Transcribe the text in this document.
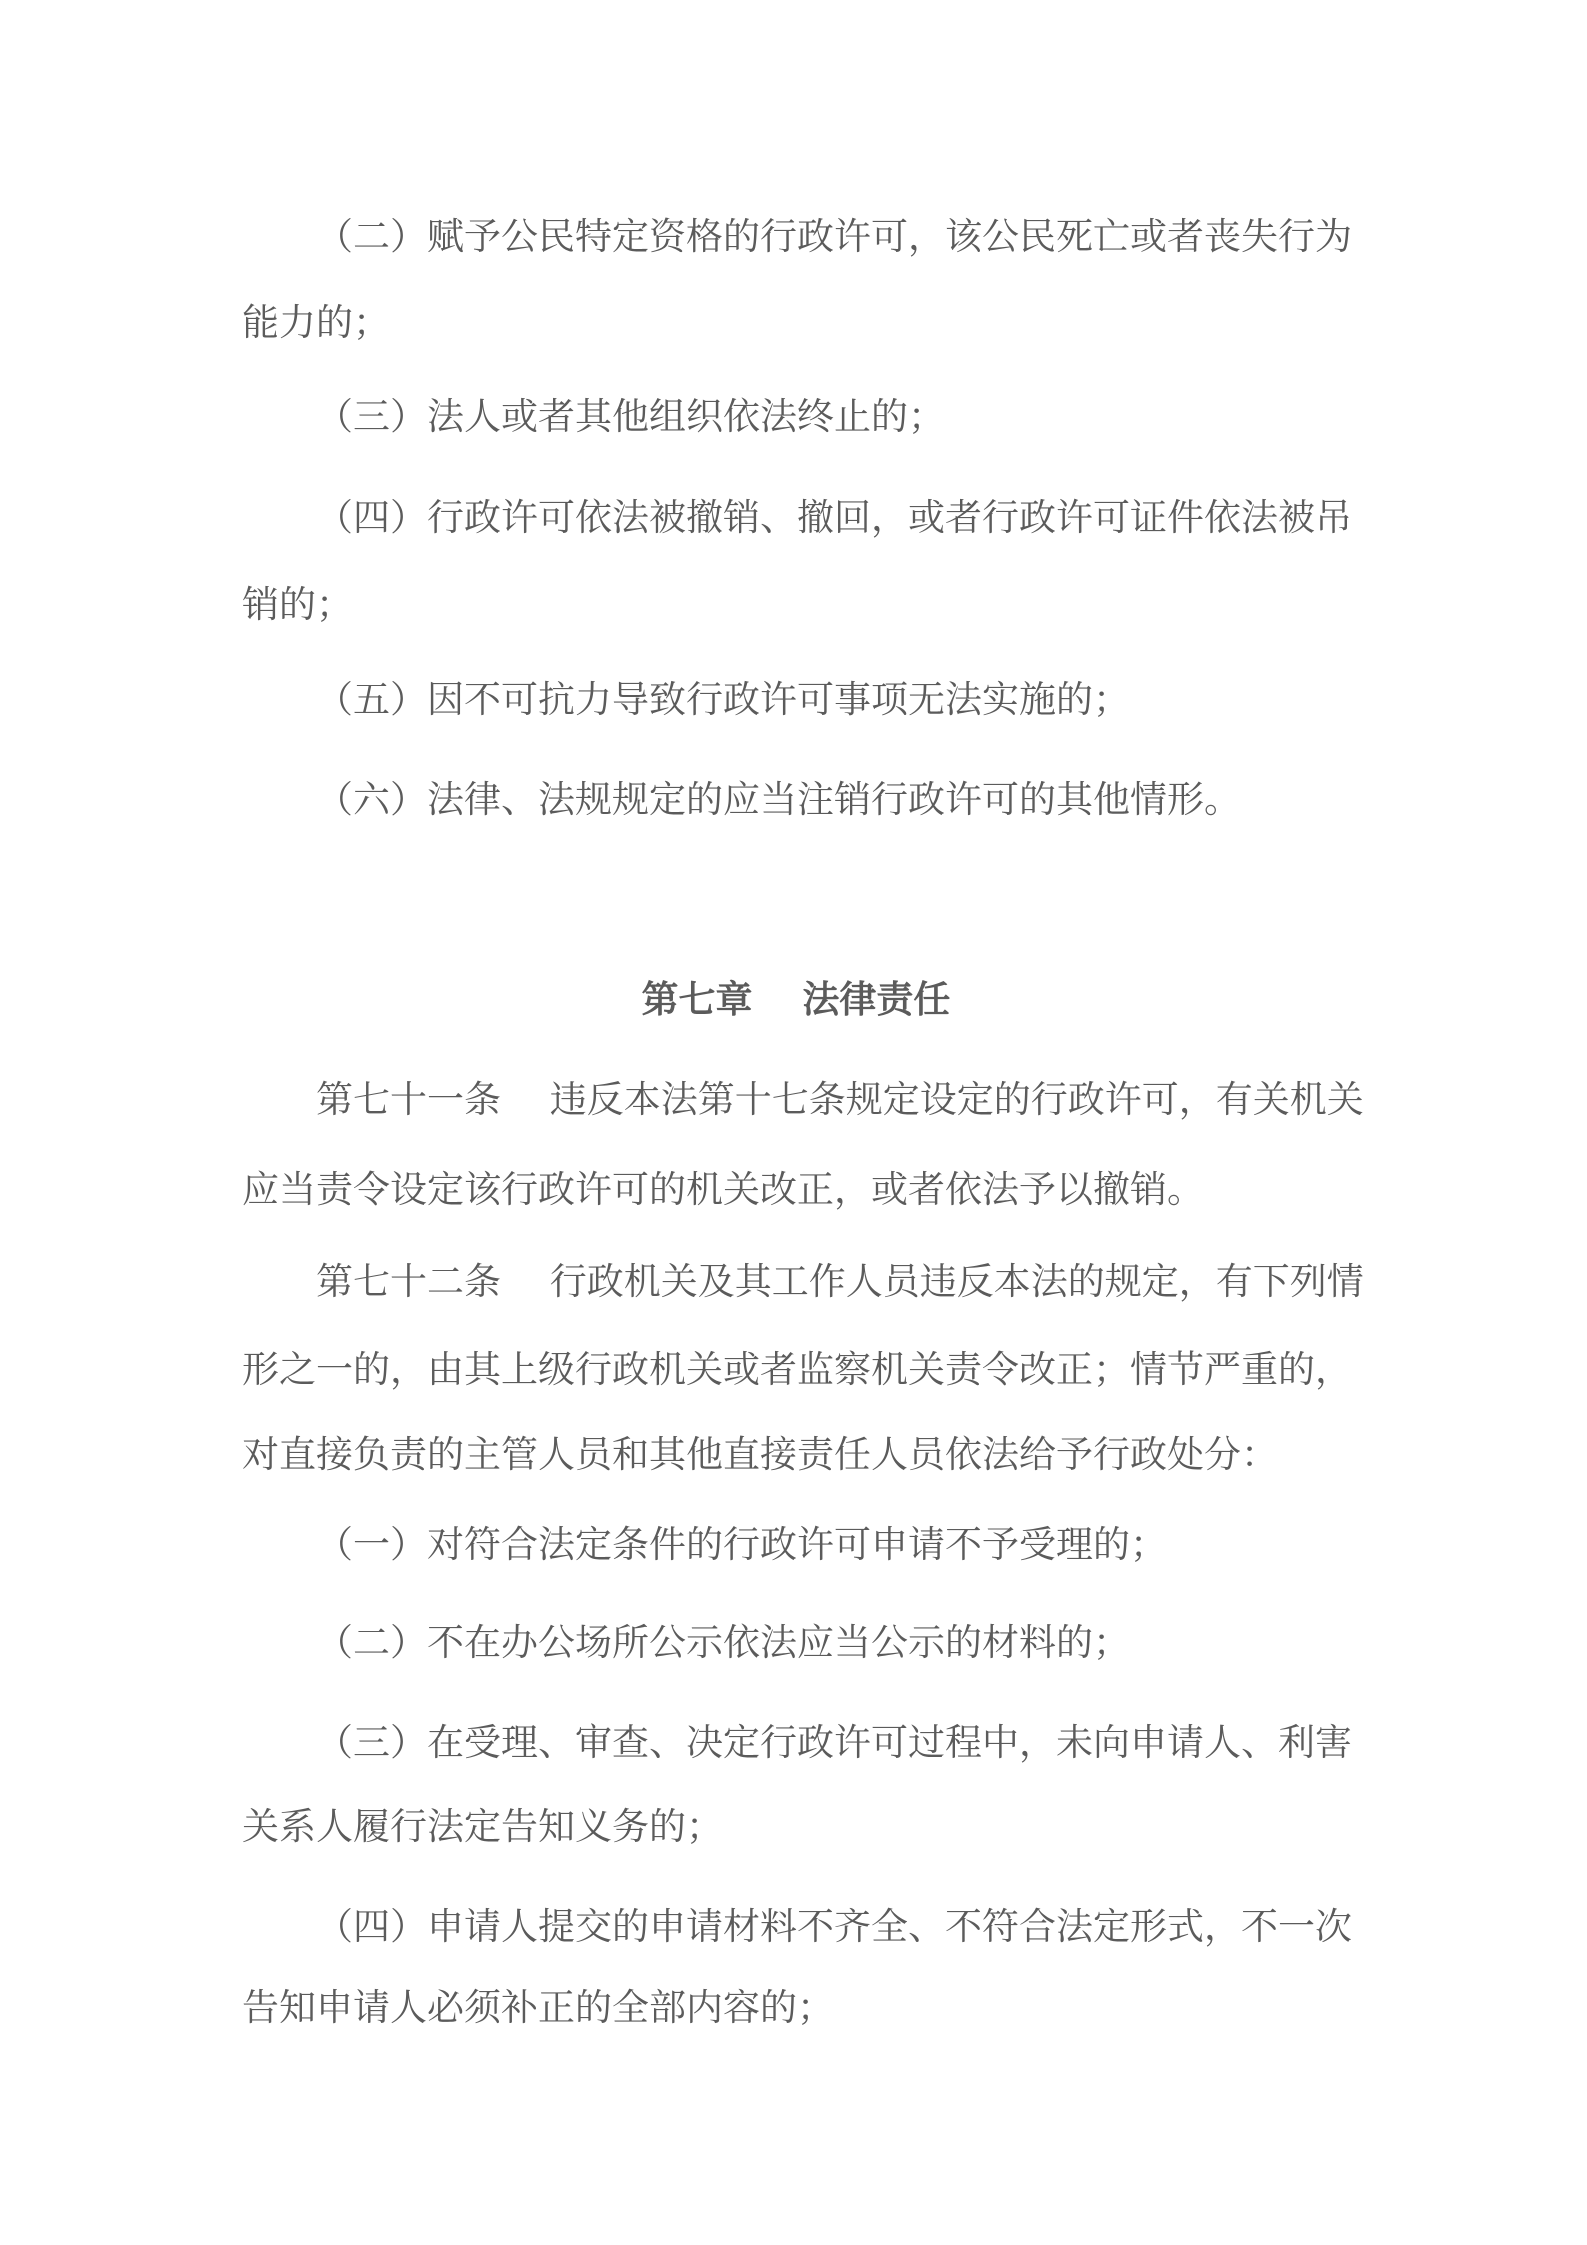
（二）赋予公民特定资格的行政许可，该公民死亡或者丧失行为
能力的；
（三）法人或者其他组织依法终止的；
（四）行政许可依法被撤销、撤回，或者行政许可证件依法被吊
销的；
（五）因不可抗力导致行政许可事项无法实施的；
（六）法律、法规规定的应当注销行政许可的其他情形。
第七章　 法律责任
第七十一条　 违反本法第十七条规定设定的行政许可，有关机关
应当责令设定该行政许可的机关改正，或者依法予以撤销。
第七十二条　 行政机关及其工作人员违反本法的规定，有下列情
形之一的，由其上级行政机关或者监察机关责令改正；情节严重的，
对直接负责的主管人员和其他直接责任人员依法给予行政处分：
（一）对符合法定条件的行政许可申请不予受理的；
（二）不在办公场所公示依法应当公示的材料的；
（三）在受理、审查、决定行政许可过程中，未向申请人、利害
关系人履行法定告知义务的；
（四）申请人提交的申请材料不齐全、不符合法定形式，不一次
告知申请人必须补正的全部内容的；
